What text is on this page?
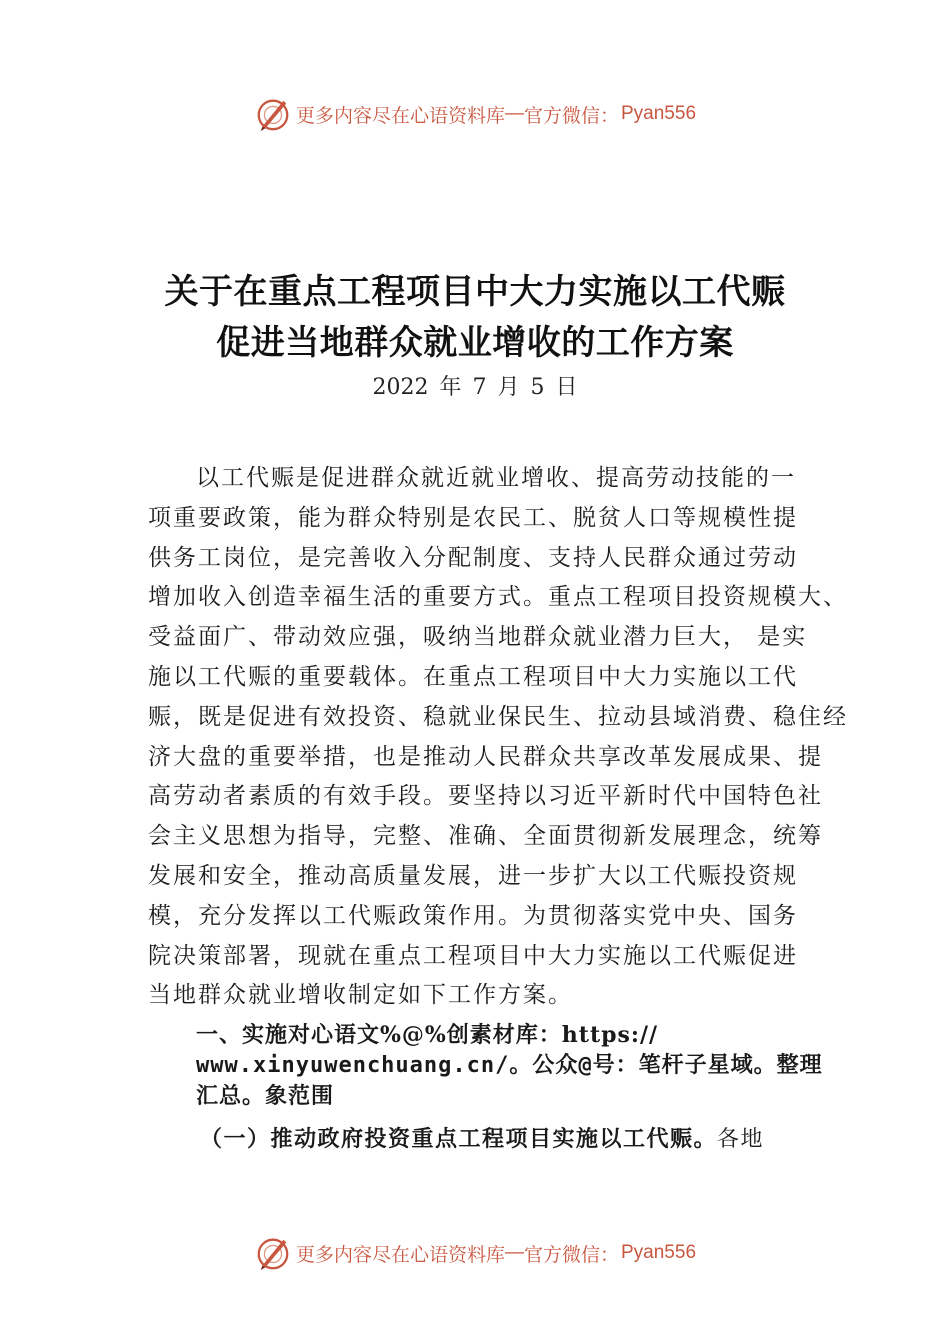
更多内容尽在心语资料库 — 官方微信： Pyan556
关于在重点工程项目中大力实施以工代赈
促进当地群众就业增收的工作方案
2022 年 7 月 5 日
以工代赈是促进群众就近就业增收、提高劳动技能的一
项重要政策，能为群众特别是农民工、脱贫人口等规模性提
供务工岗位，是完善收入分配制度、支持人民群众通过劳动
增加收入创造幸福生活的重要方式。重点工程项目投资规模大、
受益面广、带动效应强，吸纳当地群众就业潜力巨大， 是实
施以工代赈的重要载体。在重点工程项目中大力实施以工代
赈，既是促进有效投资、稳就业保民生、拉动县域消费、稳住经
济大盘的重要举措，也是推动人民群众共享改革发展成果、提
高劳动者素质的有效手段。要坚持以习近平新时代中国特色社
会主义思想为指导，完整、准确、全面贯彻新发展理念，统筹
发展和安全，推动高质量发展，进一步扩大以工代赈投资规
模，充分发挥以工代赈政策作用。为贯彻落实党中央、国务
院决策部署，现就在重点工程项目中大力实施以工代赈促进
当地群众就业增收制定如下工作方案。
一、实施对心语文%@%创素材库：https://
www.xinyuwenchuang.cn/。公众@号：笔杆子星域。整理
汇总。象范围
（一）推动政府投资重点工程项目实施以工代赈。各地
更多内容尽在心语资料库 — 官方微信： Pyan556
